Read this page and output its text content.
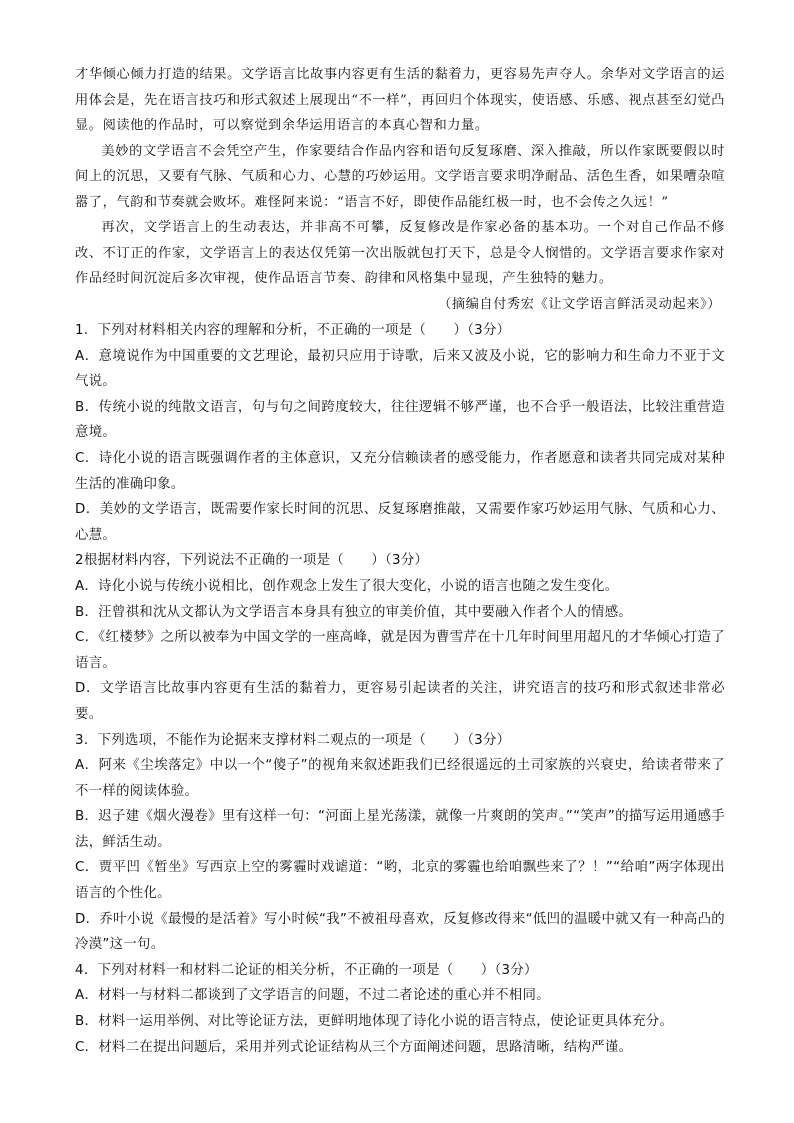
才华倾心倾力打造的结果。文学语言比故事内容更有生活的黏着力，更容易先声夺人。余华对文学语言的运用体会是，先在语言技巧和形式叙述上展现出“不一样”，再回归个体现实，使语感、乐感、视点甚至幻觉凸显。阅读他的作品时，可以察觉到余华运用语言的本真心智和力量。

美妙的文学语言不会凭空产生，作家要结合作品内容和语句反复琢磨、深入推敲，所以作家既要假以时间上的沉思，又要有气脉、气质和心力、心慧的巧妙运用。文学语言要求明净耐品、活色生香，如果嘈杂喧嚣了，气韵和节奏就会败坏。难怪阿来说：“语言不好，即使作品能红极一时，也不会传之久远！”

再次，文学语言上的生动表达，并非高不可攀，反复修改是作家必备的基本功。一个对自己作品不修改、不订正的作家，文学语言上的表达仅凭第一次出版就包打天下，总是令人悯惜的。文学语言要求作家对作品经时间沉淀后多次审视，使作品语言节奏、韵律和风格集中显现，产生独特的魅力。

（摘编自付秀宏《让文学语言鲜活灵动起来》）

1．下列对材料相关内容的理解和分析，不正确的一项是（　　）（3分）

A．意境说作为中国重要的文艺理论，最初只应用于诗歌，后来又波及小说，它的影响力和生命力不亚于文气说。

B．传统小说的纯散文语言，句与句之间跨度较大，往往逻辑不够严谨，也不合乎一般语法，比较注重营造意境。

C．诗化小说的语言既强调作者的主体意识，又充分信赖读者的感受能力，作者愿意和读者共同完成对某种生活的准确印象。

D．美妙的文学语言，既需要作家长时间的沉思、反复琢磨推敲，又需要作家巧妙运用气脉、气质和心力、心慧。

2根据材料内容，下列说法不正确的一项是（　　）（3分）

A．诗化小说与传统小说相比，创作观念上发生了很大变化，小说的语言也随之发生变化。

B．汪曾祺和沈从文都认为文学语言本身具有独立的审美价值，其中要融入作者个人的情感。

C．《红楼梦》之所以被奉为中国文学的一座高峰，就是因为曹雪芹在十几年时间里用超凡的才华倾心打造了语言。

D．文学语言比故事内容更有生活的黏着力，更容易引起读者的关注，讲究语言的技巧和形式叙述非常必要。

3．下列选项，不能作为论据来支撑材料二观点的一项是（　　）（3分）

A．阿来《尘埃落定》中以一个“傻子”的视角来叙述距我们已经很遥远的土司家族的兴衰史，给读者带来了不一样的阅读体验。

B．迟子建《烟火漫卷》里有这样一句：“河面上星光荡漾，就像一片爽朗的笑声。”“笑声”的描写运用通感手法，鲜活生动。

C．贾平凹《暂坐》写西京上空的雾霾时戏谑道：“哟，北京的雾霾也给咱飘些来了？！”“给咱”两字体现出语言的个性化。

D．乔叶小说《最慢的是活着》写小时候“我”不被祖母喜欢，反复修改得来“低凹的温暖中就又有一种高凸的冷漠”这一句。

4．下列对材料一和材料二论证的相关分析，不正确的一项是（　　）（3分）

A．材料一与材料二都谈到了文学语言的问题，不过二者论述的重心并不相同。

B．材料一运用举例、对比等论证方法，更鲜明地体现了诗化小说的语言特点，使论证更具体充分。

C．材料二在提出问题后，采用并列式论证结构从三个方面阐述问题，思路清晰，结构严谨。
